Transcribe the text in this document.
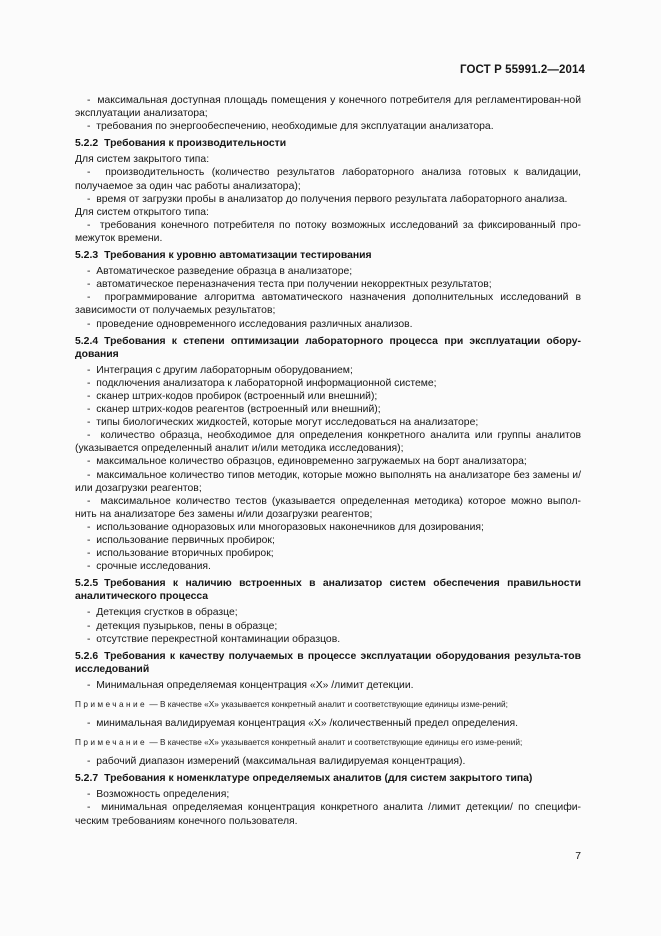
ГОСТ Р 55991.2—2014

-  максимальная доступная площадь помещения у конечного потребителя для регламентирован-ной эксплуатации анализатора;

-  требования по энергообеспечению, необходимые для эксплуатации анализатора.

5.2.2 Требования к производительности

Для систем закрытого типа:

-  производительность (количество результатов лабораторного анализа готовых к валидации, получаемое за один час работы анализатора);

-  время от загрузки пробы в анализатор до получения первого результата лабораторного анализа.

Для систем открытого типа:

-  требования конечного потребителя по потоку возможных исследований за фиксированный про-межуток времени.

5.2.3 Требования к уровню автоматизации тестирования

-  Автоматическое разведение образца в анализаторе;

-  автоматическое переназначения теста при получении некорректных результатов;

-  программирование алгоритма автоматического назначения дополнительных исследований в зависимости от получаемых результатов;

-  проведение одновременного исследования различных анализов.

5.2.4 Требования к степени оптимизации лабораторного процесса при эксплуатации обору-дования

-  Интеграция с другим лабораторным оборудованием;

-  подключения анализатора к лабораторной информационной системе;

-  сканер штрих-кодов пробирок (встроенный или внешний);

-  сканер штрих-кодов реагентов (встроенный или внешний);

-  типы биологических жидкостей, которые могут исследоваться на анализаторе;

-  количество образца, необходимое для определения конкретного аналита или группы аналитов (указывается определенный аналит и/или методика исследования);

-  максимальное количество образцов, единовременно загружаемых на борт анализатора;

-  максимальное количество типов методик, которые можно выполнять на анализаторе без замены и/или дозагрузки реагентов;

-  максимальное количество тестов (указывается определенная методика) которое можно выпол-нить на анализаторе без замены и/или дозагрузки реагентов;

-  использование одноразовых или многоразовых наконечников для дозирования;

-  использование первичных пробирок;

-  использование вторичных пробирок;

-  срочные исследования.

5.2.5 Требования к наличию встроенных в анализатор систем обеспечения правильности аналитического процесса

-  Детекция сгустков в образце;

-  детекция пузырьков, пены в образце;

-  отсутствие перекрестной контаминации образцов.

5.2.6 Требования к качеству получаемых в процессе эксплуатации оборудования результа-тов исследований

-  Минимальная определяемая концентрация «Х» /лимит детекции.

Примечание — В качестве «Х» указывается конкретный аналит и соответствующие единицы изме-рений;

-  минимальная валидируемая концентрация «Х» /количественный предел определения.

Примечание — В качестве «Х» указывается конкретный аналит и соответствующие единицы его изме-рений;

-  рабочий диапазон измерений (максимальная валидируемая концентрация).

5.2.7 Требования к номенклатуре определяемых аналитов (для систем закрытого типа)

-  Возможность определения;

-  минимальная определяемая концентрация конкретного аналита /лимит детекции/ по специфи-ческим требованиям конечного пользователя.

7
